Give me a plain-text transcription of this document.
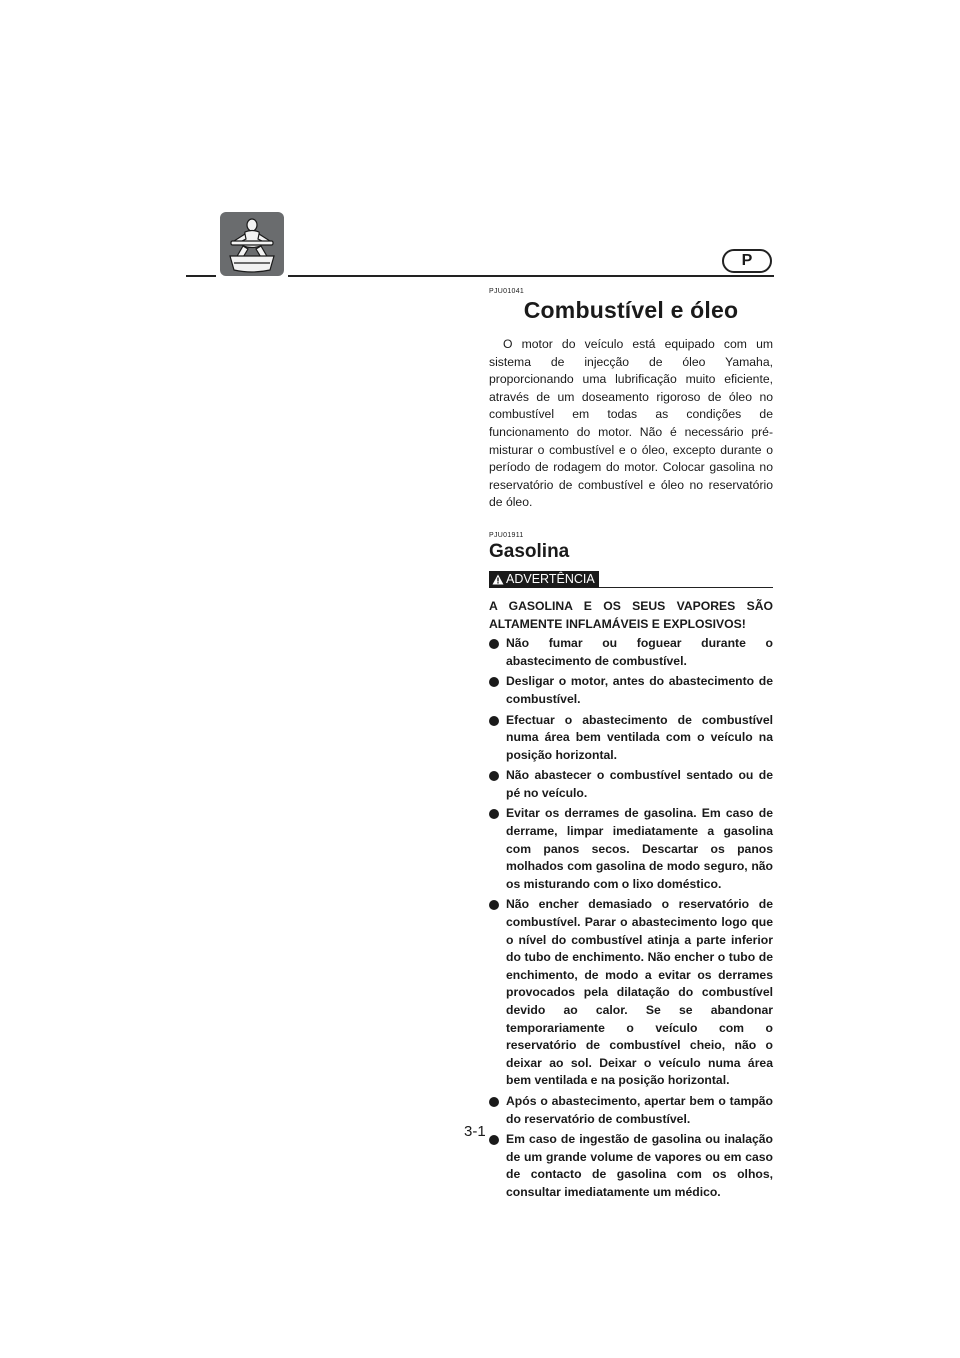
P
PJU01041
Combustível e óleo

O motor do veículo está equipado com um sistema de injecção de óleo Yamaha, proporcionando uma lubrificação muito eficiente, através de um doseamento rigoroso de óleo no combustível em todas as condições de funcionamento do motor. Não é necessário pré-misturar o combustível e o óleo, excepto durante o período de rodagem do motor. Colocar gasolina no reservatório de combustível e óleo no reservatório de óleo.

PJU01911
Gasolina
ADVERTÊNCIA

A GASOLINA E OS SEUS VAPORES SÃO ALTAMENTE INFLAMÁVEIS E EXPLOSIVOS!

Não fumar ou foguear durante o abastecimento de combustível.
Desligar o motor, antes do abastecimento de combustível.
Efectuar o abastecimento de combustível numa área bem ventilada com o veículo na posição horizontal.
Não abastecer o combustível sentado ou de pé no veículo.
Evitar os derrames de gasolina. Em caso de derrame, limpar imediatamente a gasolina com panos secos. Descartar os panos molhados com gasolina de modo seguro, não os misturando com o lixo doméstico.
Não encher demasiado o reservatório de combustível. Parar o abastecimento logo que o nível do combustível atinja a parte inferior do tubo de enchimento. Não encher o tubo de enchimento, de modo a evitar os derrames provocados pela dilatação do combustível devido ao calor. Se se abandonar temporariamente o veículo com o reservatório de combustível cheio, não o deixar ao sol. Deixar o veículo numa área bem ventilada e na posição horizontal.
Após o abastecimento, apertar bem o tampão do reservatório de combustível.
Em caso de ingestão de gasolina ou inalação de um grande volume de vapores ou em caso de contacto de gasolina com os olhos, consultar imediatamente um médico.
3-1
